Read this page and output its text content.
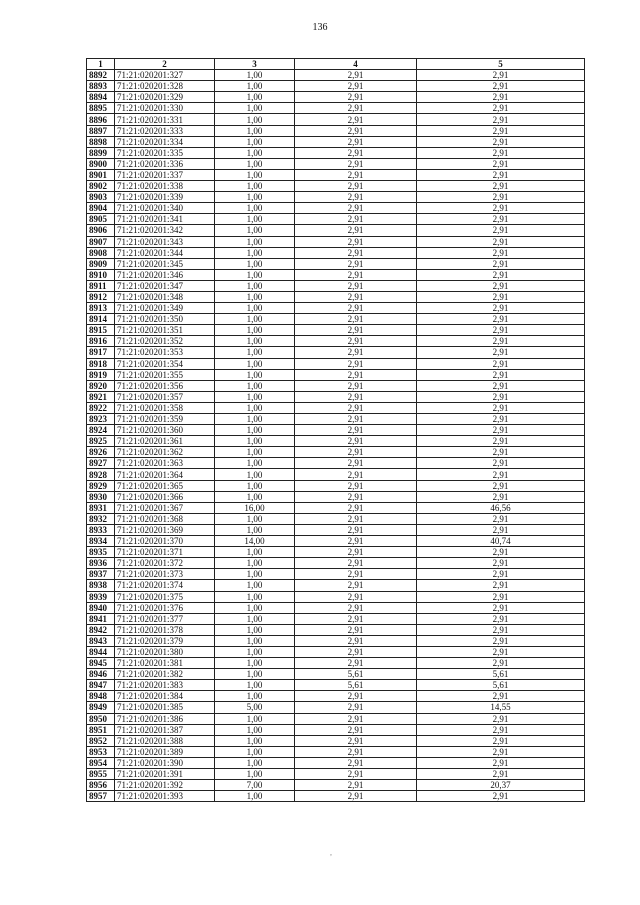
136
1	2	3	4	5
8892	71:21:020201:327	1,00	2,91	2,91
8893	71:21:020201:328	1,00	2,91	2,91
8894	71:21:020201:329	1,00	2,91	2,91
8895	71:21:020201:330	1,00	2,91	2,91
8896	71:21:020201:331	1,00	2,91	2,91
8897	71:21:020201:333	1,00	2,91	2,91
8898	71:21:020201:334	1,00	2,91	2,91
8899	71:21:020201:335	1,00	2,91	2,91
8900	71:21:020201:336	1,00	2,91	2,91
8901	71:21:020201:337	1,00	2,91	2,91
8902	71:21:020201:338	1,00	2,91	2,91
8903	71:21:020201:339	1,00	2,91	2,91
8904	71:21:020201:340	1,00	2,91	2,91
8905	71:21:020201:341	1,00	2,91	2,91
8906	71:21:020201:342	1,00	2,91	2,91
8907	71:21:020201:343	1,00	2,91	2,91
8908	71:21:020201:344	1,00	2,91	2,91
8909	71:21:020201:345	1,00	2,91	2,91
8910	71:21:020201:346	1,00	2,91	2,91
8911	71:21:020201:347	1,00	2,91	2,91
8912	71:21:020201:348	1,00	2,91	2,91
8913	71:21:020201:349	1,00	2,91	2,91
8914	71:21:020201:350	1,00	2,91	2,91
8915	71:21:020201:351	1,00	2,91	2,91
8916	71:21:020201:352	1,00	2,91	2,91
8917	71:21:020201:353	1,00	2,91	2,91
8918	71:21:020201:354	1,00	2,91	2,91
8919	71:21:020201:355	1,00	2,91	2,91
8920	71:21:020201:356	1,00	2,91	2,91
8921	71:21:020201:357	1,00	2,91	2,91
8922	71:21:020201:358	1,00	2,91	2,91
8923	71:21:020201:359	1,00	2,91	2,91
8924	71:21:020201:360	1,00	2,91	2,91
8925	71:21:020201:361	1,00	2,91	2,91
8926	71:21:020201:362	1,00	2,91	2,91
8927	71:21:020201:363	1,00	2,91	2,91
8928	71:21:020201:364	1,00	2,91	2,91
8929	71:21:020201:365	1,00	2,91	2,91
8930	71:21:020201:366	1,00	2,91	2,91
8931	71:21:020201:367	16,00	2,91	46,56
8932	71:21:020201:368	1,00	2,91	2,91
8933	71:21:020201:369	1,00	2,91	2,91
8934	71:21:020201:370	14,00	2,91	40,74
8935	71:21:020201:371	1,00	2,91	2,91
8936	71:21:020201:372	1,00	2,91	2,91
8937	71:21:020201:373	1,00	2,91	2,91
8938	71:21:020201:374	1,00	2,91	2,91
8939	71:21:020201:375	1,00	2,91	2,91
8940	71:21:020201:376	1,00	2,91	2,91
8941	71:21:020201:377	1,00	2,91	2,91
8942	71:21:020201:378	1,00	2,91	2,91
8943	71:21:020201:379	1,00	2,91	2,91
8944	71:21:020201:380	1,00	2,91	2,91
8945	71:21:020201:381	1,00	2,91	2,91
8946	71:21:020201:382	1,00	5,61	5,61
8947	71:21:020201:383	1,00	5,61	5,61
8948	71:21:020201:384	1,00	2,91	2,91
8949	71:21:020201:385	5,00	2,91	14,55
8950	71:21:020201:386	1,00	2,91	2,91
8951	71:21:020201:387	1,00	2,91	2,91
8952	71:21:020201:388	1,00	2,91	2,91
8953	71:21:020201:389	1,00	2,91	2,91
8954	71:21:020201:390	1,00	2,91	2,91
8955	71:21:020201:391	1,00	2,91	2,91
8956	71:21:020201:392	7,00	2,91	20,37
8957	71:21:020201:393	1,00	2,91	2,91
,
